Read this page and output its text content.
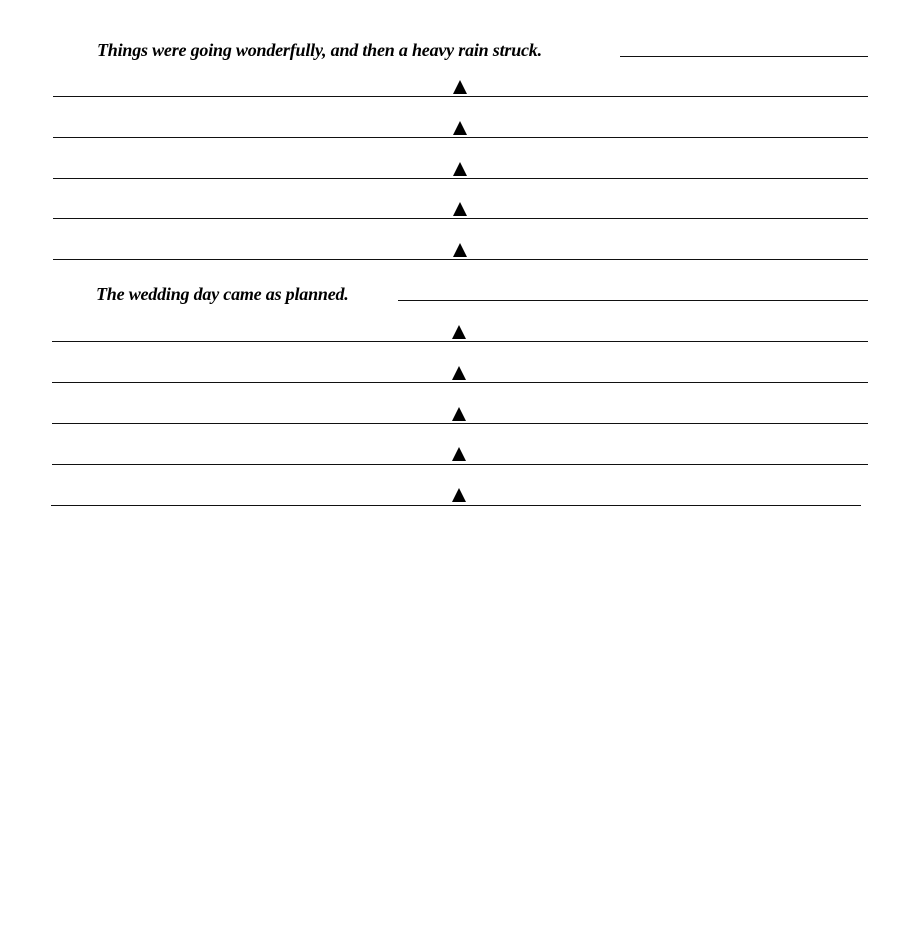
Things were going wonderfully, and then a heavy rain struck.
The wedding day came as planned.
